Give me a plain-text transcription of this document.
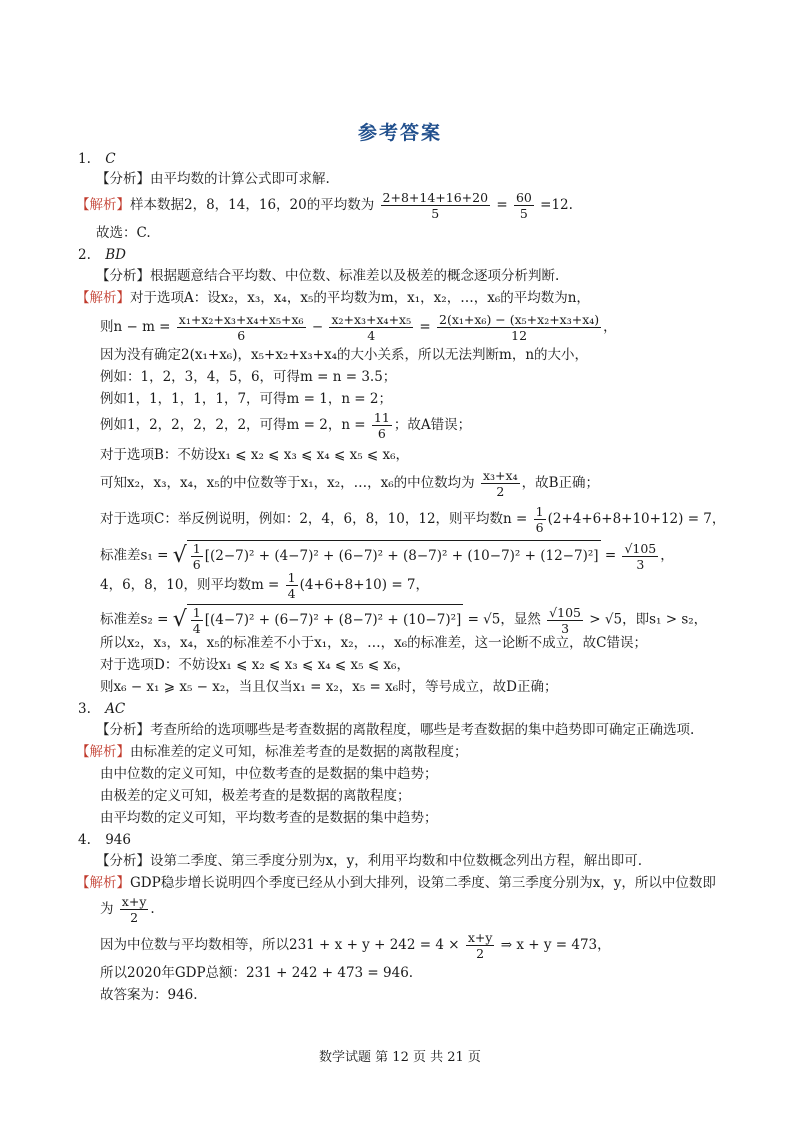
参考答案
1. C
【分析】由平均数的计算公式即可求解.
【解析】样本数据2，8，14，16，20的平均数为 $\frac{2+8+14+16+20}{5} = \frac{60}{5} =12$.
故选：C.
2. BD
【分析】根据题意结合平均数、中位数、标准差以及极差的概念逐项分析判断.
【解析】对于选项A：设x₂，x₃，x₄，x₅的平均数为m，x₁，x₂，…，x₆的平均数为n，
则$n - m = \frac{\text{x₁+x₂+x₃+x₄+x₅+x₆}}{6} - \frac{\text{x₂+x₃+x₄+x₅}}{4} = \frac{\text{2(x₁+x₆) − (x₅+x₂+x₃+x₄)}}{12}$ ，
因为没有确定2(x₁+x₆)，x₅+x₂+x₃+x₄的大小关系，所以无法判断m，n的大小，
例如：1，2，3，4，5，6，可得m = n = 3.5；
例如1，1，1，1，1，7，可得m = 1，n = 2；
例如1，2，2，2，2，2，可得m = 2，$n = \frac{11}{6}$ ；故A错误；
对于选项B：不妨设x₁ ⩽ x₂ ⩽ x₃ ⩽ x₄ ⩽ x₅ ⩽ x₆，
可知x₂，x₃，x₄，x₅的中位数等于x₁，x₂，…，x₆的中位数均为 $\frac{\text{x₃+x₄}}{2}$ ，故B正确；
对于选项C：举反例说明，例如：2，4，6，8，10，12，则平均数$n = \frac{1}{6} (2+4+6+8+10+12) = 7$，
标准差s₁ = √ $\frac{1}{6} [(2-7)^2 + (4-7)^2 + (6-7)^2 + (8-7)^2 + (10-7)^2 + (12-7)^2] = \frac{√105}{3}$ ，
4，6，8，10，则平均数$m = \frac{1}{4} (4+6+8+10) = 7$，
标准差s₂ = √ $\frac{1}{4} [(4-7)^2 + (6-7)^2 + (8-7)^2 + (10-7)^2] = √5$，显然 $\frac{√105}{3} > √5$，即s₁ > s₂，
所以x₂，x₃，x₄，x₅的标准差不小于x₁，x₂，…，x₆的标准差，这一论断不成立，故C错误；
对于选项D：不妨设x₁ ⩽ x₂ ⩽ x₃ ⩽ x₄ ⩽ x₅ ⩽ x₆，
则x₆ − x₁ ⩾ x₅ − x₂，当且仅当x₁ = x₂，x₅ = x₆时，等号成立，故D正确；
3. AC
【分析】考查所给的选项哪些是考查数据的离散程度，哪些是考查数据的集中趋势即可确定正确选项.
【解析】由标准差的定义可知，标准差考查的是数据的离散程度；
由中位数的定义可知，中位数考查的是数据的集中趋势；
由极差的定义可知，极差考查的是数据的离散程度；
由平均数的定义可知，平均数考查的是数据的集中趋势；
4. 946
【分析】设第二季度、第三季度分别为x，y，利用平均数和中位数概念列出方程，解出即可.
【解析】GDP稳步增长说明四个季度已经从小到大排列，设第二季度、第三季度分别为x，y，所以中位数即
为 $\frac{x+y}{2}$ .
因为中位数与平均数相等，所以$231 + x + y + 242 = 4 \times \frac{x+y}{2}$ ⇒ x + y = 473，
所以2020年GDP总额：231 + 242 + 473 = 946.
故答案为：946.
数学试题 第 12 页 共 21 页
